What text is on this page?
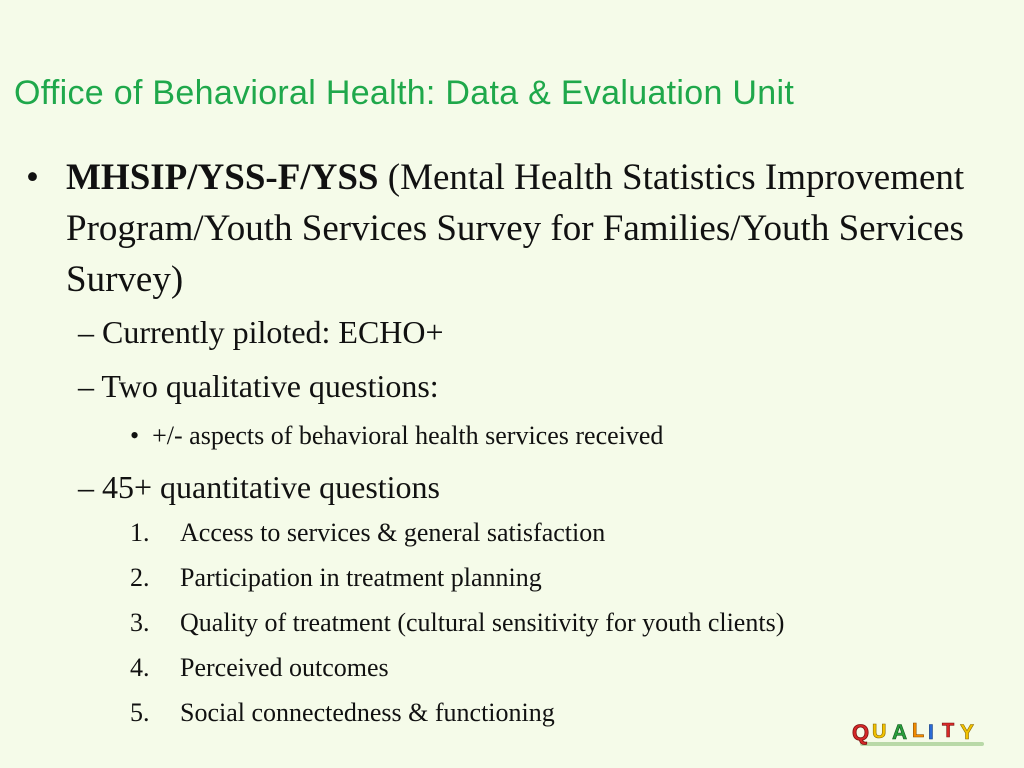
Office of Behavioral Health: Data & Evaluation Unit
• MHSIP/YSS-F/YSS (Mental Health Statistics Improvement Program/Youth Services Survey for Families/Youth Services Survey)
– Currently piloted: ECHO+
– Two qualitative questions:
•  +/- aspects of behavioral health services received
– 45+ quantitative questions
1. Access to services & general satisfaction
2. Participation in treatment planning
3. Quality of treatment (cultural sensitivity for youth clients)
4. Perceived outcomes
5. Social connectedness & functioning
Q U A L I T Y
